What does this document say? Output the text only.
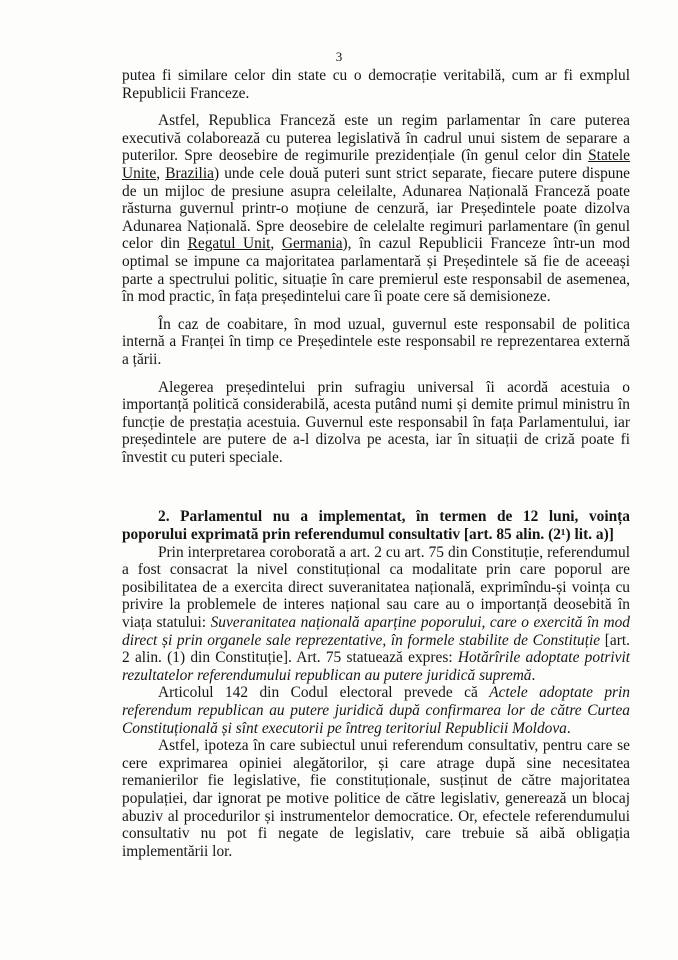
3

putea fi similare celor din state cu o democrație veritabilă, cum ar fi exmplul Republicii Franceze.

Astfel, Republica Franceză este un regim parlamentar în care puterea executivă colaborează cu puterea legislativă în cadrul unui sistem de separare a puterilor. Spre deosebire de regimurile prezidențiale (în genul celor din Statele Unite, Brazilia) unde cele două puteri sunt strict separate, fiecare putere dispune de un mijloc de presiune asupra celeilalte, Adunarea Națională Franceză poate răsturna guvernul printr-o moțiune de cenzură, iar Președintele poate dizolva Adunarea Națională. Spre deosebire de celelalte regimuri parlamentare (în genul celor din Regatul Unit, Germania), în cazul Republicii Franceze într-un mod optimal se impune ca majoritatea parlamentară și Președintele să fie de aceeași parte a spectrului politic, situație în care premierul este responsabil de asemenea, în mod practic, în fața președintelui care îi poate cere să demisioneze.

În caz de coabitare, în mod uzual, guvernul este responsabil de politica internă a Franței în timp ce Președintele este responsabil re reprezentarea externă a țării.

Alegerea președintelui prin sufragiu universal îi acordă acestuia o importanță politică considerabilă, acesta putând numi și demite primul ministru în funcție de prestația acestuia. Guvernul este responsabil în fața Parlamentului, iar președintele are putere de a-l dizolva pe acesta, iar în situații de criză poate fi învestit cu puteri speciale.

2. Parlamentul nu a implementat, în termen de 12 luni, voința poporului exprimată prin referendumul consultativ [art. 85 alin. (2¹) lit. a)]

Prin interpretarea coroborată a art. 2 cu art. 75 din Constituție, referendumul a fost consacrat la nivel constituțional ca modalitate prin care poporul are posibilitatea de a exercita direct suveranitatea națională, exprimîndu-și voința cu privire la problemele de interes național sau care au o importanță deosebită în viața statului: Suveranitatea națională aparține poporului, care o exercită în mod direct și prin organele sale reprezentative, în formele stabilite de Constituție [art. 2 alin. (1) din Constituție]. Art. 75 statuează expres: Hotărîrile adoptate potrivit rezultatelor referendumului republican au putere juridică supremă.

Articolul 142 din Codul electoral prevede că Actele adoptate prin referendum republican au putere juridică după confirmarea lor de către Curtea Constituțională și sînt executorii pe întreg teritoriul Republicii Moldova.

Astfel, ipoteza în care subiectul unui referendum consultativ, pentru care se cere exprimarea opiniei alegătorilor, și care atrage după sine necesitatea remanierilor fie legislative, fie constituționale, susținut de către majoritatea populației, dar ignorat pe motive politice de către legislativ, generează un blocaj abuziv al procedurilor și instrumentelor democratice. Or, efectele referendumului consultativ nu pot fi negate de legislativ, care trebuie să aibă obligația implementării lor.
